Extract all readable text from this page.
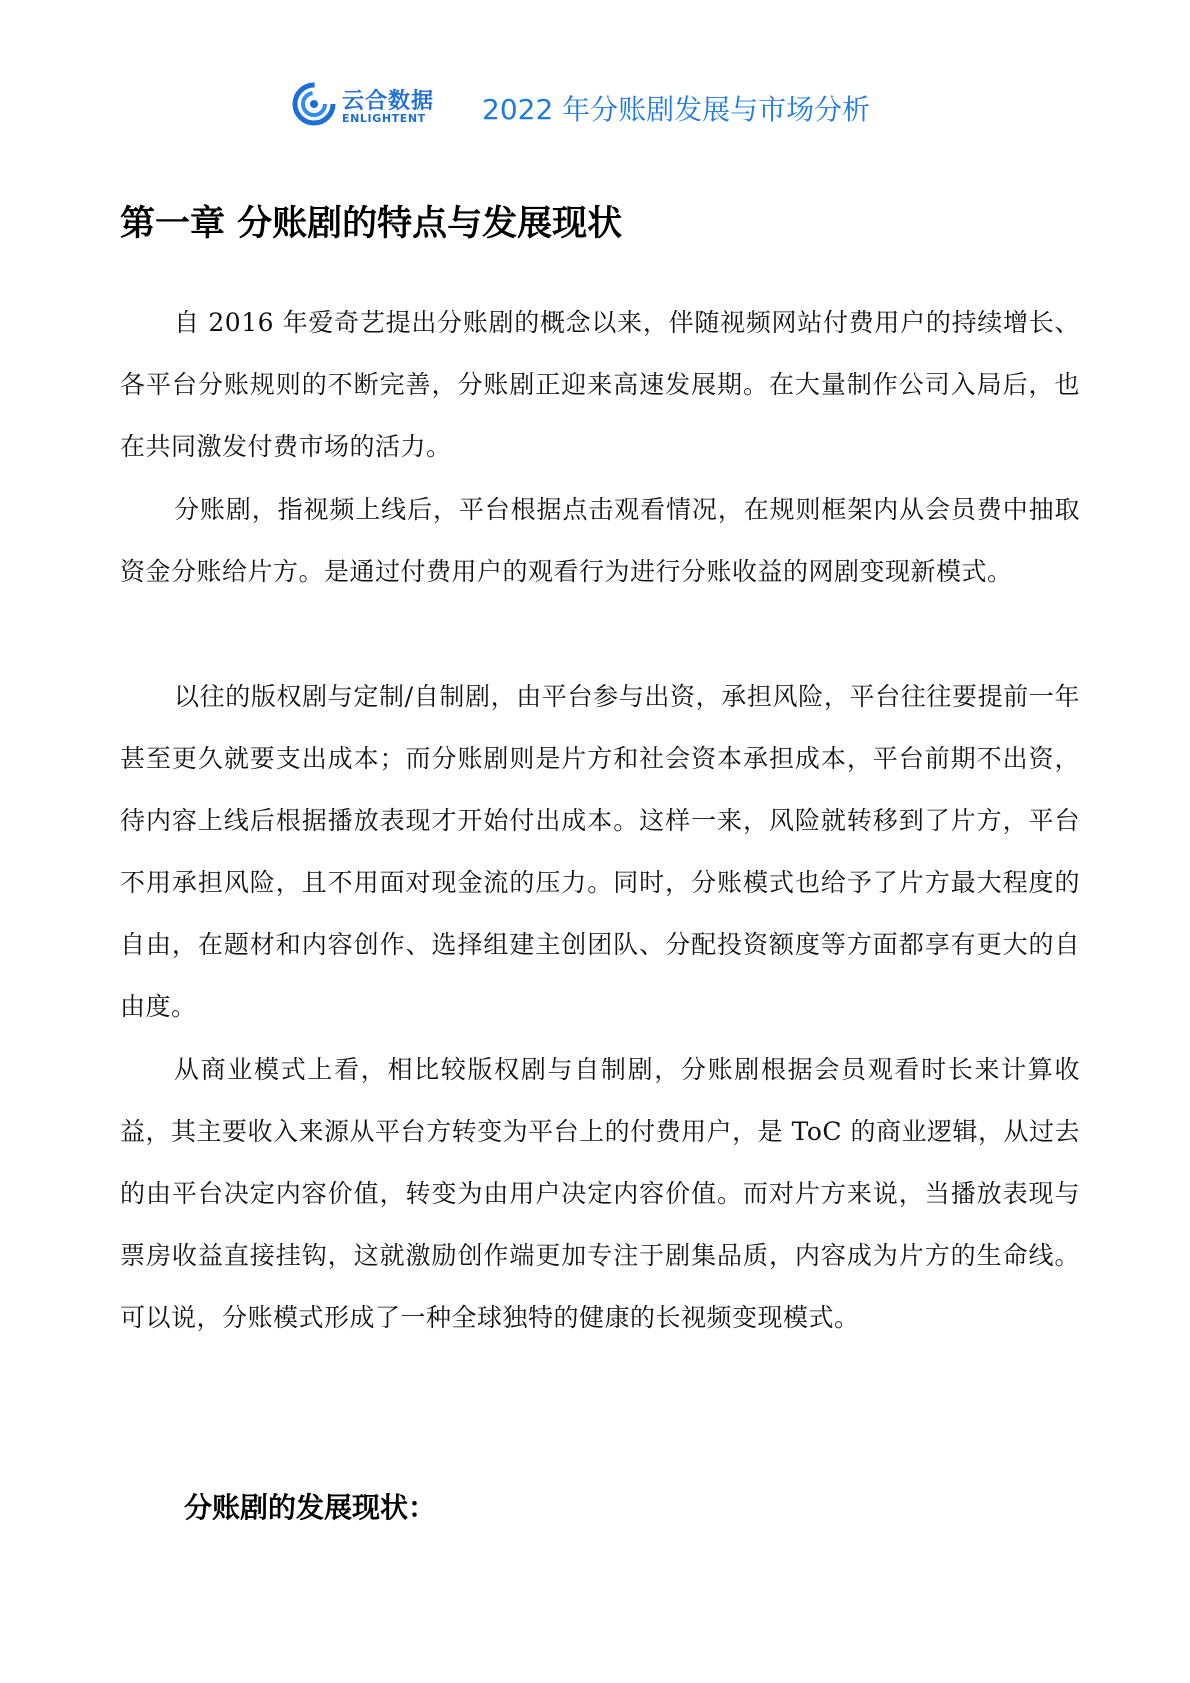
云合数据
ENLIGHTENT 2022 年分账剧发展与市场分析
第一章 分账剧的特点与发展现状

自 2016 年爱奇艺提出分账剧的概念以来，伴随视频网站付费用户的持续增长、各平台分账规则的不断完善，分账剧正迎来高速发展期。在大量制作公司入局后，也在共同激发付费市场的活力。

分账剧，指视频上线后，平台根据点击观看情况，在规则框架内从会员费中抽取资金分账给片方。是通过付费用户的观看行为进行分账收益的网剧变现新模式。

以往的版权剧与定制/自制剧，由平台参与出资，承担风险，平台往往要提前一年甚至更久就要支出成本；而分账剧则是片方和社会资本承担成本，平台前期不出资，待内容上线后根据播放表现才开始付出成本。这样一来，风险就转移到了片方，平台不用承担风险，且不用面对现金流的压力。同时，分账模式也给予了片方最大程度的自由，在题材和内容创作、选择组建主创团队、分配投资额度等方面都享有更大的自由度。

从商业模式上看，相比较版权剧与自制剧，分账剧根据会员观看时长来计算收益，其主要收入来源从平台方转变为平台上的付费用户，是 ToC 的商业逻辑，从过去的由平台决定内容价值，转变为由用户决定内容价值。而对片方来说，当播放表现与票房收益直接挂钩，这就激励创作端更加专注于剧集品质，内容成为片方的生命线。可以说，分账模式形成了一种全球独特的健康的长视频变现模式。

分账剧的发展现状：
